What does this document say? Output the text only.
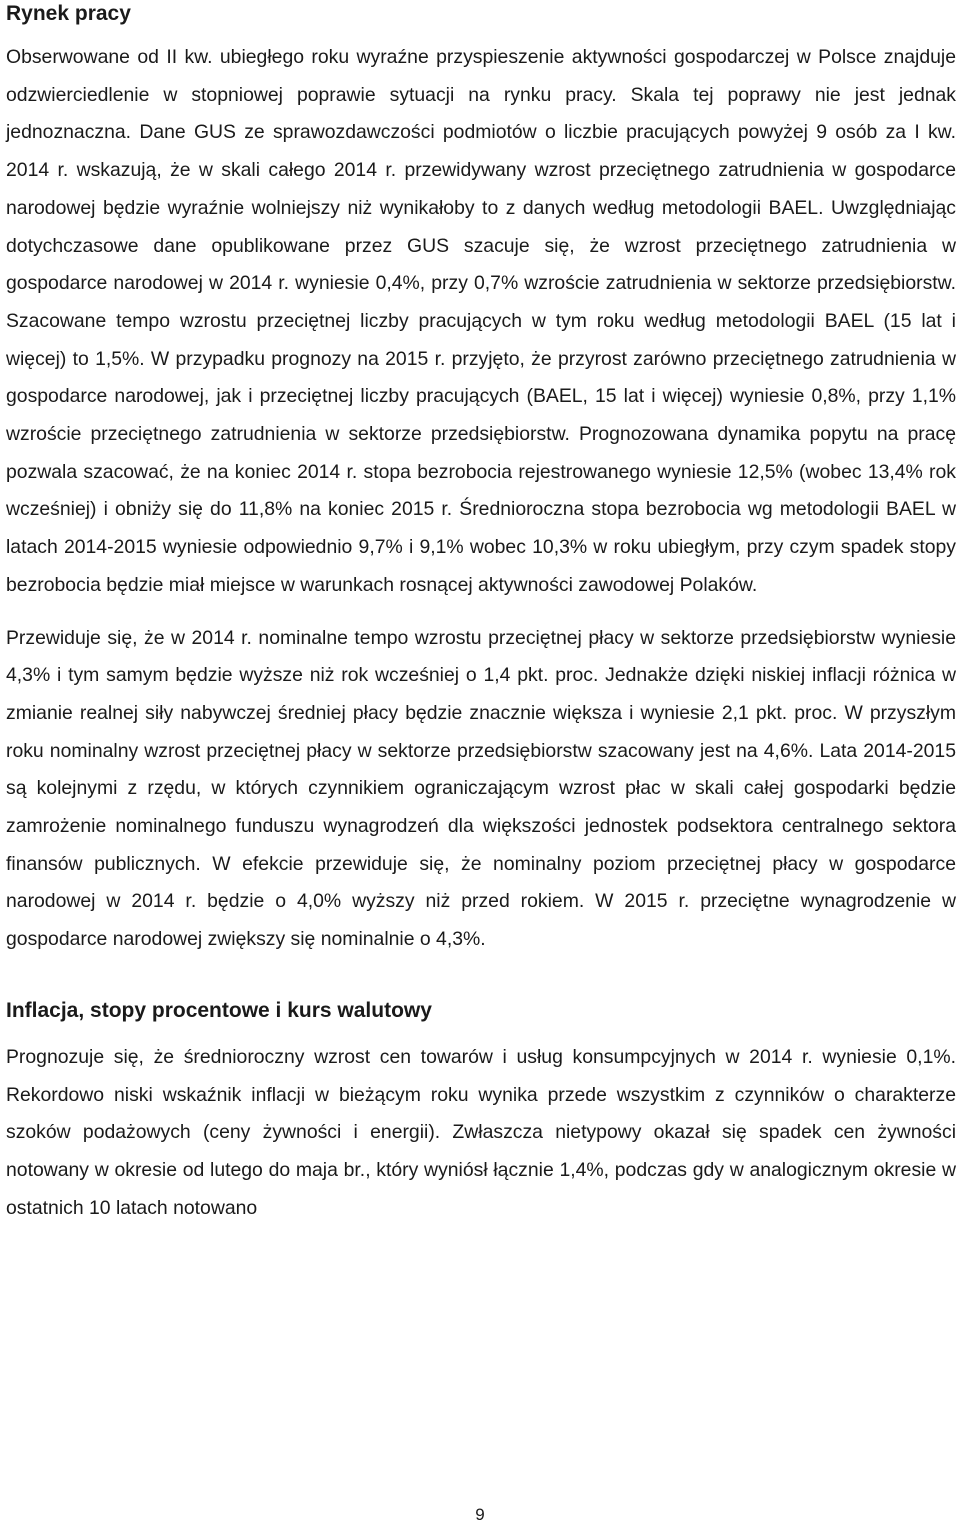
Rynek pracy

Obserwowane od II kw. ubiegłego roku wyraźne przyspieszenie aktywności gospodarczej w Polsce znajduje odzwierciedlenie w stopniowej poprawie sytuacji na rynku pracy. Skala tej poprawy nie jest jednak jednoznaczna. Dane GUS ze sprawozdawczości podmiotów o liczbie pracujących powyżej 9 osób za I kw. 2014 r. wskazują, że w skali całego 2014 r. przewidywany wzrost przeciętnego zatrudnienia w gospodarce narodowej będzie wyraźnie wolniejszy niż wynikałoby to z danych według metodologii BAEL. Uwzględniając dotychczasowe dane opublikowane przez GUS szacuje się, że wzrost przeciętnego zatrudnienia w gospodarce narodowej w 2014 r. wyniesie 0,4%, przy 0,7% wzroście zatrudnienia w sektorze przedsiębiorstw. Szacowane tempo wzrostu przeciętnej liczby pracujących w tym roku według metodologii BAEL (15 lat i więcej) to 1,5%. W przypadku prognozy na 2015 r. przyjęto, że przyrost zarówno przeciętnego zatrudnienia w gospodarce narodowej, jak i przeciętnej liczby pracujących (BAEL, 15 lat i więcej) wyniesie 0,8%, przy 1,1% wzroście przeciętnego zatrudnienia w sektorze przedsiębiorstw. Prognozowana dynamika popytu na pracę pozwala szacować, że na koniec 2014 r. stopa bezrobocia rejestrowanego wyniesie 12,5% (wobec 13,4% rok wcześniej) i obniży się do 11,8% na koniec 2015 r. Średnioroczna stopa bezrobocia wg metodologii BAEL w latach 2014-2015 wyniesie odpowiednio 9,7% i 9,1% wobec 10,3% w roku ubiegłym, przy czym spadek stopy bezrobocia będzie miał miejsce w warunkach rosnącej aktywności zawodowej Polaków.

Przewiduje się, że w 2014 r. nominalne tempo wzrostu przeciętnej płacy w sektorze przedsiębiorstw wyniesie 4,3% i tym samym będzie wyższe niż rok wcześniej o 1,4 pkt. proc. Jednakże dzięki niskiej inflacji różnica w zmianie realnej siły nabywczej średniej płacy będzie znacznie większa i wyniesie 2,1 pkt. proc. W przyszłym roku nominalny wzrost przeciętnej płacy w sektorze przedsiębiorstw szacowany jest na 4,6%. Lata 2014-2015 są kolejnymi z rzędu, w których czynnikiem ograniczającym wzrost płac w skali całej gospodarki będzie zamrożenie nominalnego funduszu wynagrodzeń dla większości jednostek podsektora centralnego sektora finansów publicznych. W efekcie przewiduje się, że nominalny poziom przeciętnej płacy w gospodarce narodowej w 2014 r. będzie o 4,0% wyższy niż przed rokiem. W 2015 r. przeciętne wynagrodzenie w gospodarce narodowej zwiększy się nominalnie o 4,3%.

Inflacja, stopy procentowe i kurs walutowy

Prognozuje się, że średnioroczny wzrost cen towarów i usług konsumpcyjnych w 2014 r. wyniesie 0,1%. Rekordowo niski wskaźnik inflacji w bieżącym roku wynika przede wszystkim z czynników o charakterze szoków podażowych (ceny żywności i energii). Zwłaszcza nietypowy okazał się spadek cen żywności notowany w okresie od lutego do maja br., który wyniósł łącznie 1,4%, podczas gdy w analogicznym okresie w ostatnich 10 latach notowano

9
